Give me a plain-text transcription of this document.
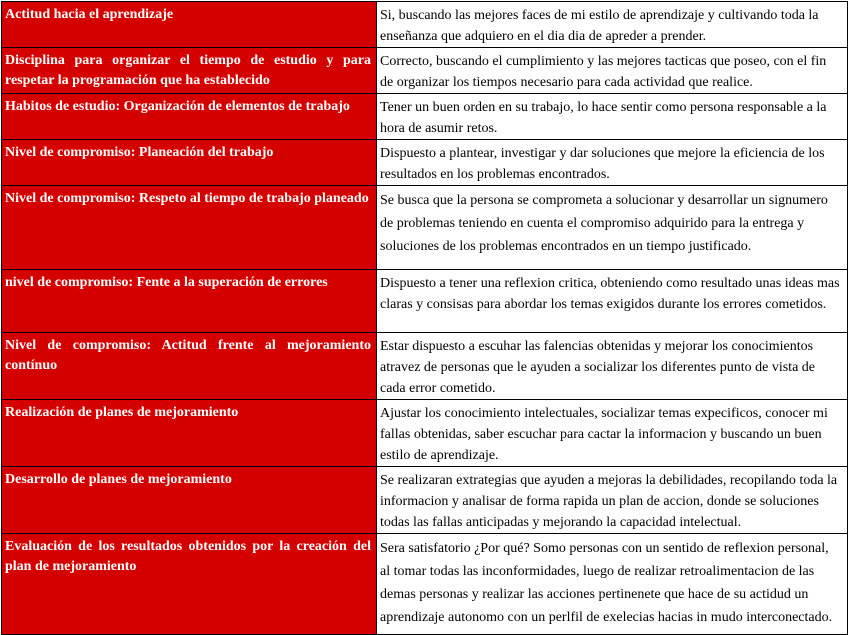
Actitud hacia el aprendizaje	Si, buscando las mejores faces de mi estilo de aprendizaje y cultivando toda la enseñanza que adquiero en el dia dia de apreder a prender.
Disciplina para organizar el tiempo de estudio y para respetar la programación que ha establecido	Correcto, buscando el cumplimiento y las mejores tacticas que poseo, con el fin de organizar los tiempos necesario para cada actividad que realice.
Habitos de estudio: Organización de elementos de trabajo	Tener un buen orden en su trabajo, lo hace sentir como persona responsable a la hora de asumir retos.
Nivel de compromiso: Planeación del trabajo	Dispuesto a plantear, investigar y dar soluciones que mejore la eficiencia de los resultados en los problemas encontrados.
Nivel de compromiso: Respeto al tiempo de trabajo planeado	Se busca que la persona se comprometa a solucionar y desarrollar un signumero de problemas teniendo en cuenta el compromiso adquirido para la entrega y soluciones de los problemas encontrados en un tiempo justificado.
nivel de compromiso: Fente a la superación de errores	Dispuesto a tener una reflexion critica, obteniendo como resultado unas ideas mas claras y consisas para abordar los temas exigidos durante los errores cometidos.
Nivel de compromiso: Actitud frente al mejoramiento contínuo	Estar dispuesto a escuhar las falencias obtenidas y mejorar los conocimientos atravez de personas que le ayuden a socializar los diferentes punto de vista de cada error cometido.
Realización de planes de mejoramiento	Ajustar los conocimiento intelectuales, socializar temas expecificos, conocer mi fallas obtenidas, saber escuchar para cactar la informacion y buscando un buen estilo de aprendizaje.
Desarrollo de planes de mejoramiento	Se realizaran extrategias que ayuden a mejoras la debilidades, recopilando toda la informacion y analisar de forma rapida un plan de accion, donde se soluciones todas las fallas anticipadas y mejorando la capacidad intelectual.
Evaluación de los resultados obtenidos por la creación del plan de mejoramiento	Sera satisfatorio ¿Por qué? Somo personas con un sentido de reflexion personal, al tomar todas las inconformidades, luego de realizar retroalimentacion de las demas personas y realizar las acciones pertinenete que hace de su actidud un aprendizaje autonomo con un perlfil de exelecias hacias in mudo interconectado.
